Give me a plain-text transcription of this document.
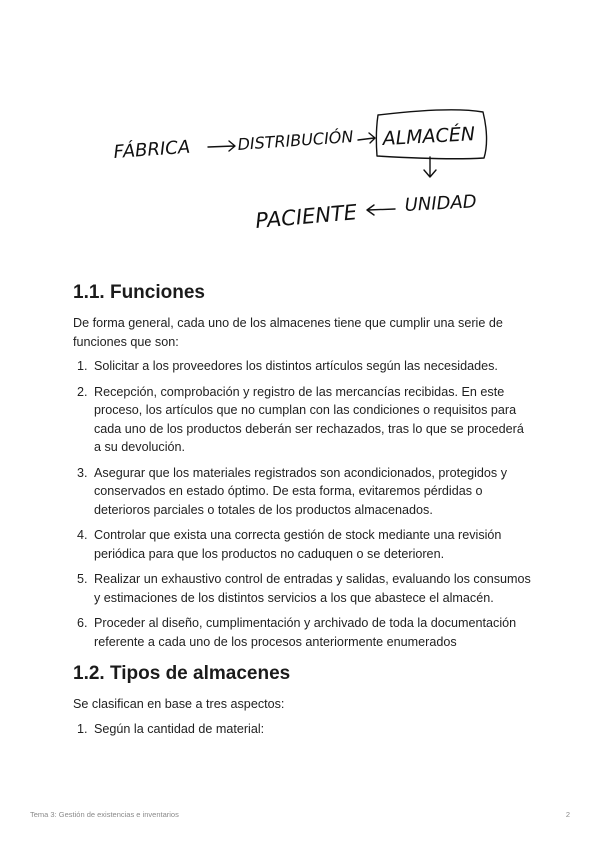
FÁBRICA	DISTRIBUCIÓN ALMACÉN
PACIENTE	UNIDAD
1.1. Funciones

De forma general, cada uno de los almacenes tiene que cumplir una serie de funciones que son:

1. Solicitar a los proveedores los distintos artículos según las necesidades.
2. Recepción, comprobación y registro de las mercancías recibidas. En este proceso, los artículos que no cumplan con las condiciones o requisitos para cada uno de los productos deberán ser rechazados, tras lo que se procederá a su devolución.
3. Asegurar que los materiales registrados son acondicionados, protegidos y conservados en estado óptimo. De esta forma, evitaremos pérdidas o deterioros parciales o totales de los productos almacenados.
4. Controlar que exista una correcta gestión de stock mediante una revisión periódica para que los productos no caduquen o se deterioren.
5. Realizar un exhaustivo control de entradas y salidas, evaluando los consumos y estimaciones de los distintos servicios a los que abastece el almacén.
6. Proceder al diseño, cumplimentación y archivado de toda la documentación referente a cada uno de los procesos anteriormente enumerados
1.2. Tipos de almacenes

Se clasifican en base a tres aspectos:

1. Según la cantidad de material:
Tema 3: Gestión de existencias e inventarios	2
